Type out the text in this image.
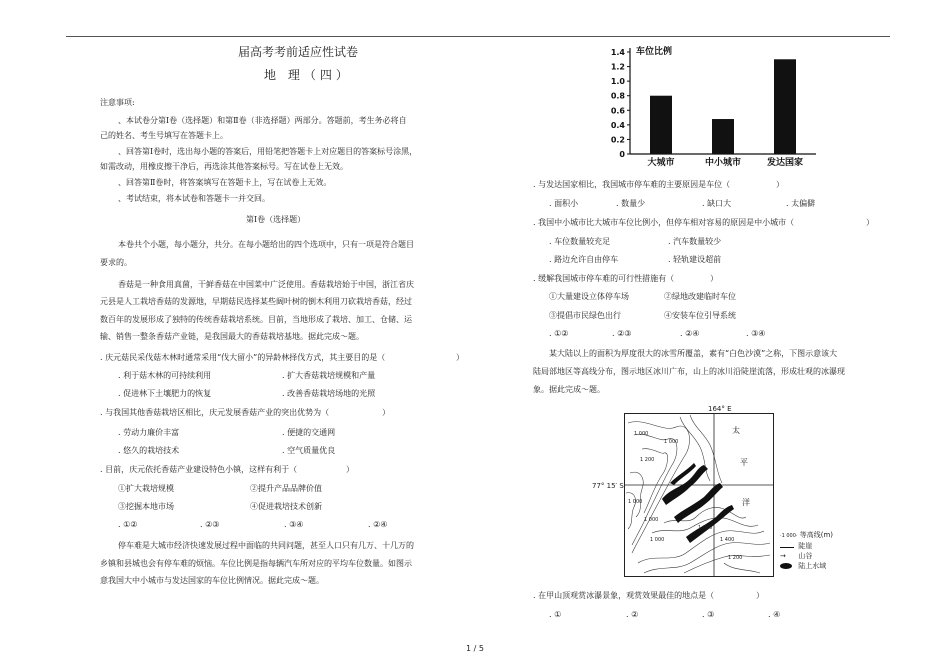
届高考考前适应性试卷
地 理（四）
注意事项:
、本试卷分第Ⅰ卷（选择题）和第Ⅱ卷（非选择题）两部分。答题前，考生务必将自
己的姓名、考生号填写在答题卡上。
、回答第Ⅰ卷时，选出每小题的答案后，用铅笔把答题卡上对应题目的答案标号涂黑，
如需改动，用橡皮擦干净后，再选涂其他答案标号。写在试卷上无效。
、回答第Ⅱ卷时，将答案填写在答题卡上，写在试卷上无效。
、考试结束，将本试卷和答题卡一并交回。
第Ⅰ卷（选择题）
本卷共个小题，每小题分，共分。在每小题给出的四个选项中，只有一项是符合题目
要求的。
香菇是一种食用真菌，干鲜香菇在中国菜中广泛使用。香菇栽培始于中国，浙江省庆
元县是人工栽培香菇的发源地，早期菇民选择某些阔叶树的倒木利用刀砍栽培香菇，经过
数百年的发展形成了独特的传统香菇栽培系统。目前，当地形成了栽培、加工、仓储、运
输、销售一整条香菇产业链，是我国最大的香菇栽培基地。据此完成～题。
. 庆元菇民采伐菇木林时通常采用“伐大留小”的异龄林择伐方式，其主要目的是（	）
. 利于菇木林的可持续利用	. 扩大香菇栽培规模和产量
. 促进林下土壤肥力的恢复	. 改善香菇栽培场地的光照
. 与我国其他香菇栽培区相比，庆元发展香菇产业的突出优势为（	）
. 劳动力廉价丰富	. 便捷的交通网
. 悠久的栽培技术	. 空气质量优良
. 目前，庆元依托香菇产业建设特色小镇，这样有利于（	）
①扩大栽培规模	②提升产品品牌价值
③挖掘本地市场	④促进栽培技术创新
. ①②	. ②③	. ③④	. ②④
停车难是大城市经济快速发展过程中面临的共同问题，甚至人口只有几万、十几万的
乡镇和县城也会有停车难的烦恼。车位比例是指每辆汽车所对应的平均车位数量。如图示
意我国大中小城市与发达国家的车位比例情况。据此完成～题。
车位比例
0
0.2
0.4
0.6
0.8
1.0
1.2
1.4
大城市	中小城市	发达国家
. 与发达国家相比，我国城市停车难的主要原因是车位（	）
. 面积小	. 数量少	. 缺口大	. 太偏僻
. 我国中小城市比大城市车位比例小，但停车相对容易的原因是中小城市（	）
. 车位数量较充足	. 汽车数量较少
. 路边允许自由停车	. 轻轨建设超前
. 缓解我国城市停车难的可行性措施有（	）
①大量建设立体停车场	②绿地改建临时车位
③提倡市民绿色出行	④安装车位引导系统
. ①②	. ②③	. ②④	. ③④
某大陆以上的面积为厚度很大的冰雪所覆盖，素有“白色沙漠”之称，下图示意该大
陆局部地区等高线分布，图示地区冰川广布，山上的冰川沿陡崖流落，形成壮观的冰瀑现
象。据此完成～题。
164° E
77° 15′ S
1 000
1 000
1 200
1 000
1 000
1 000
1 000
1 400
1 200
太
平
洋
·1 000· 等高线(m)
陡崖
→ 山谷
陆上水域
. 在甲山顶观赏冰瀑景象，观赏效果最佳的地点是（	）
. ①	. ②	. ③	. ④
1 / 5
